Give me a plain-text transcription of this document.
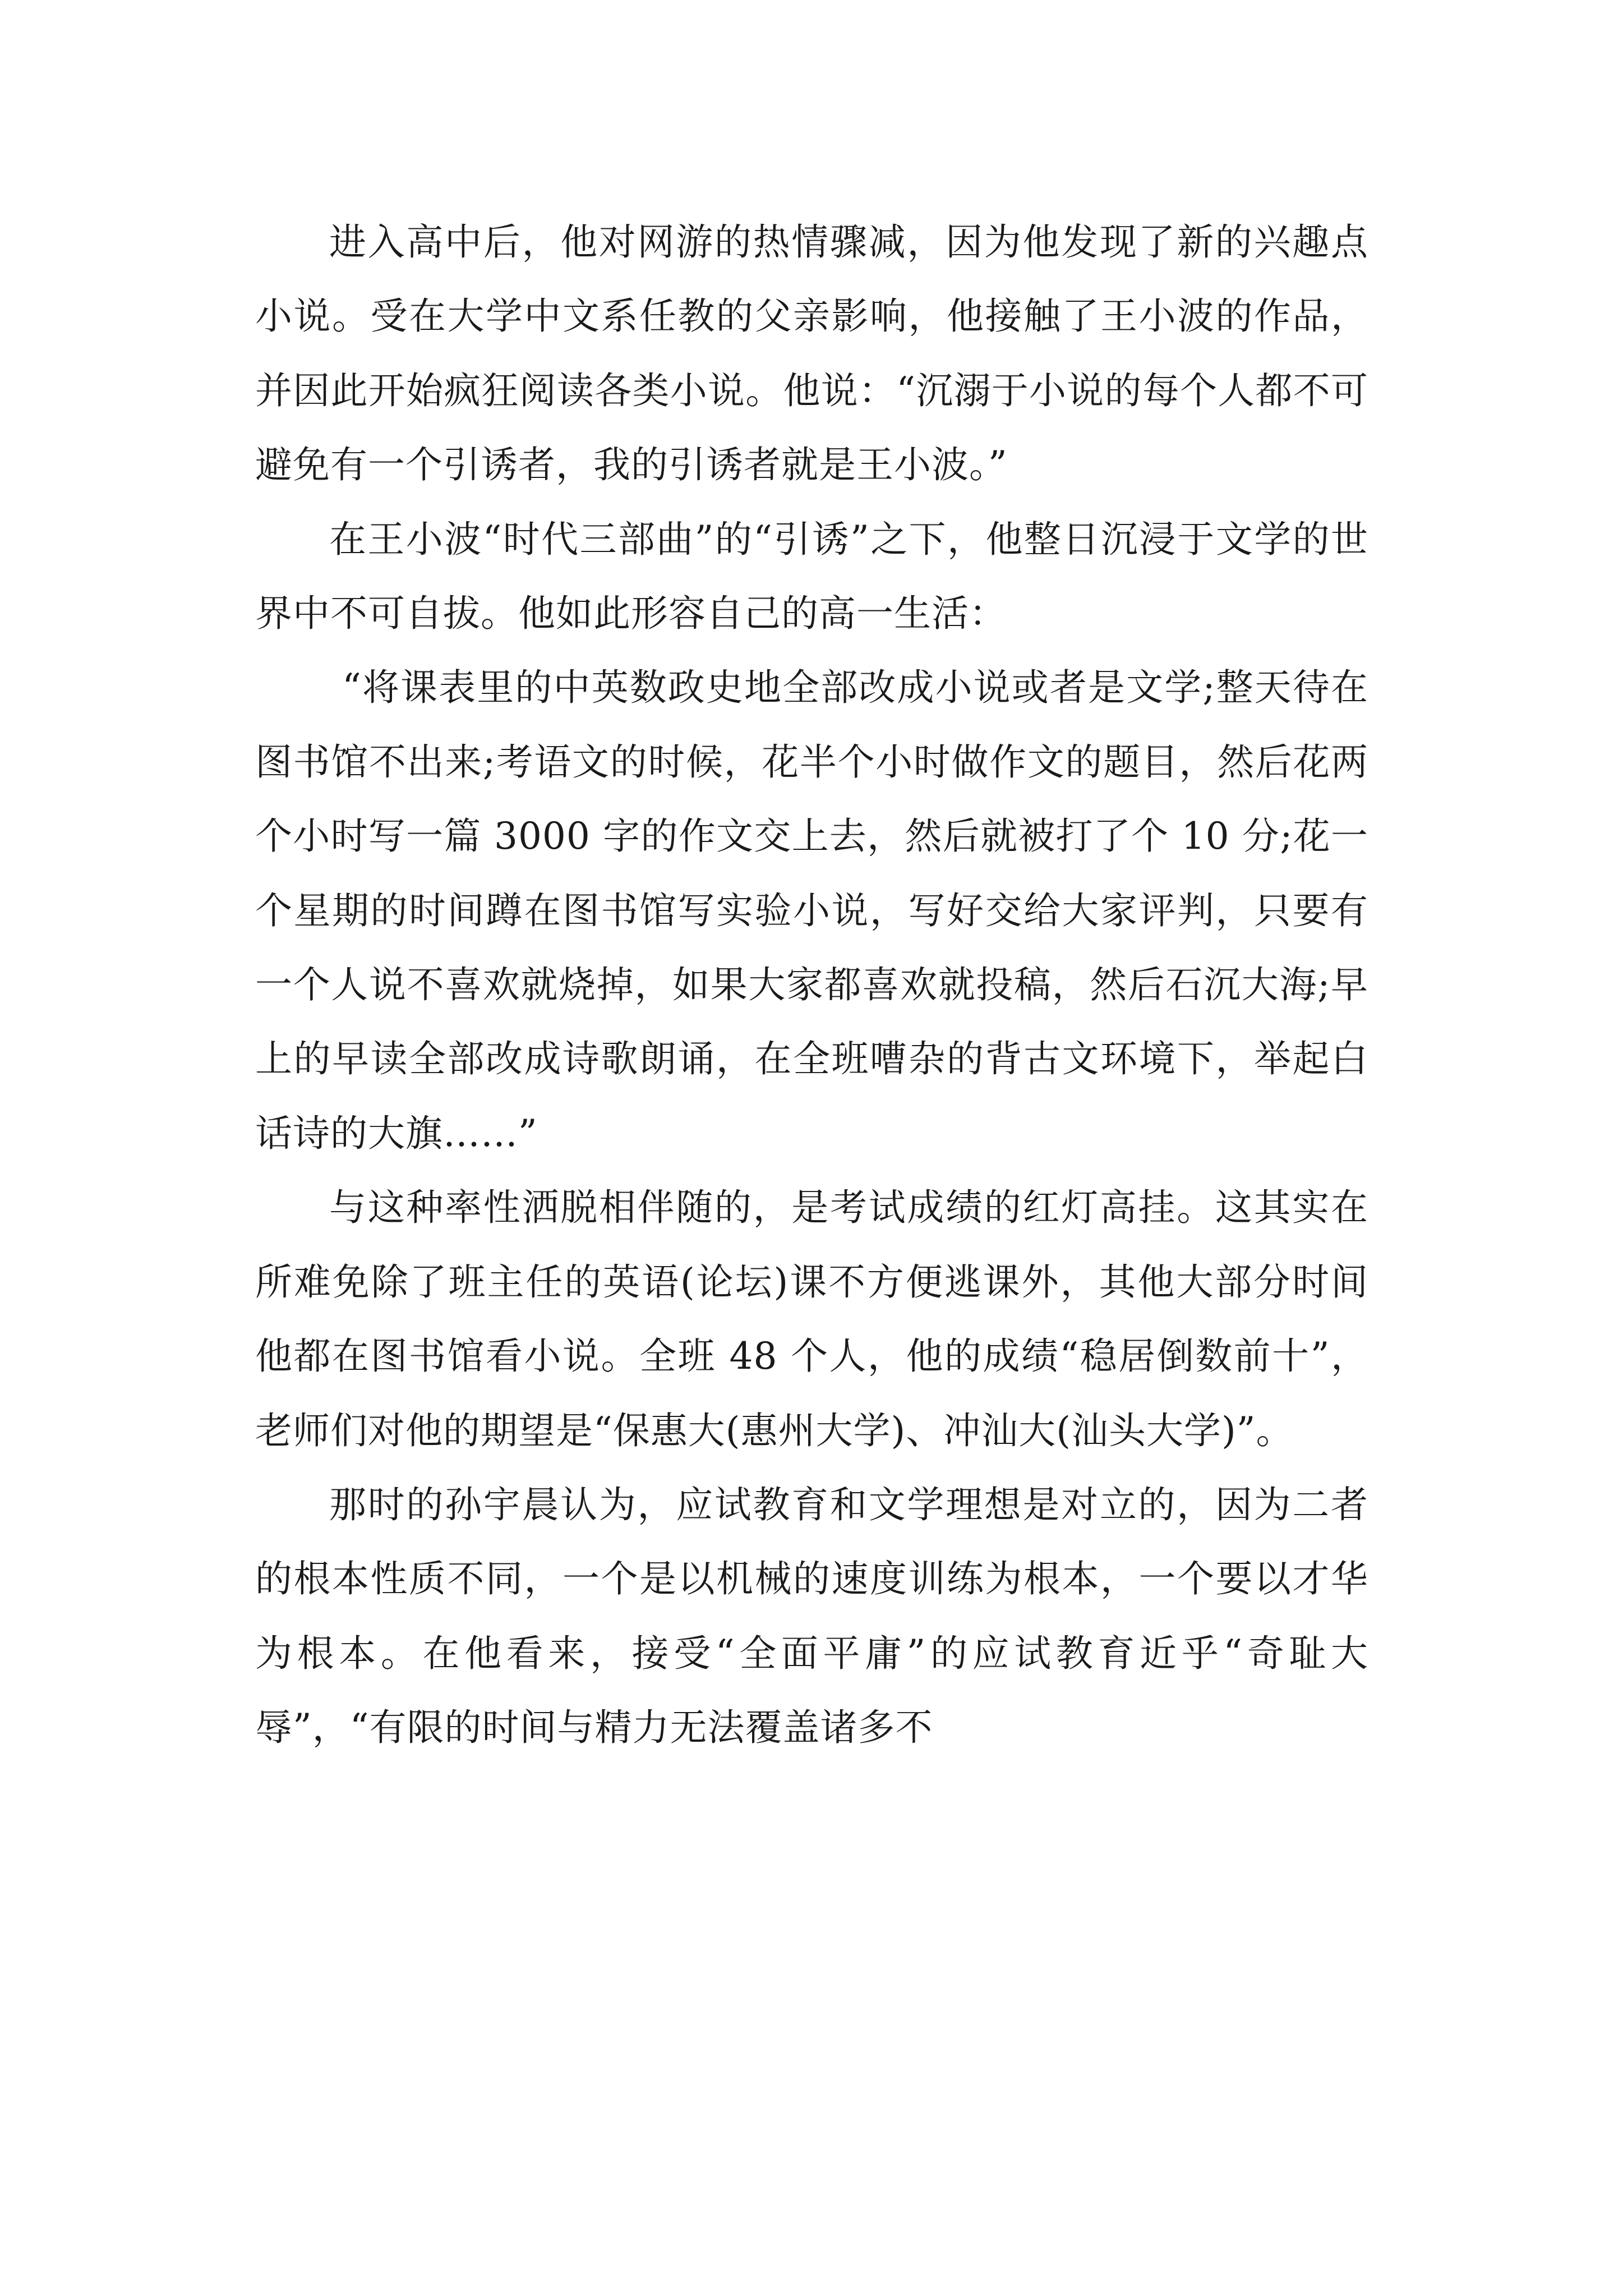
进入高中后，他对网游的热情骤减，因为他发现了新的兴趣点小说。受在大学中文系任教的父亲影响，他接触了王小波的作品，并因此开始疯狂阅读各类小说。他说：“沉溺于小说的每个人都不可避免有一个引诱者，我的引诱者就是王小波。”

在王小波“时代三部曲”的“引诱”之下，他整日沉浸于文学的世界中不可自拔。他如此形容自己的高一生活：

“将课表里的中英数政史地全部改成小说或者是文学;整天待在图书馆不出来;考语文的时候，花半个小时做作文的题目，然后花两个小时写一篇 3000 字的作文交上去，然后就被打了个 10 分;花一个星期的时间蹲在图书馆写实验小说，写好交给大家评判，只要有一个人说不喜欢就烧掉，如果大家都喜欢就投稿，然后石沉大海;早上的早读全部改成诗歌朗诵，在全班嘈杂的背古文环境下，举起白话诗的大旗……”

与这种率性洒脱相伴随的，是考试成绩的红灯高挂。这其实在所难免除了班主任的英语(论坛)课不方便逃课外，其他大部分时间他都在图书馆看小说。全班 48 个人，他的成绩“稳居倒数前十”，老师们对他的期望是“保惠大(惠州大学)、冲汕大(汕头大学)”。

那时的孙宇晨认为，应试教育和文学理想是对立的，因为二者的根本性质不同，一个是以机械的速度训练为根本，一个要以才华为根本。在他看来，接受“全面平庸”的应试教育近乎“奇耻大辱”，“有限的时间与精力无法覆盖诸多不
